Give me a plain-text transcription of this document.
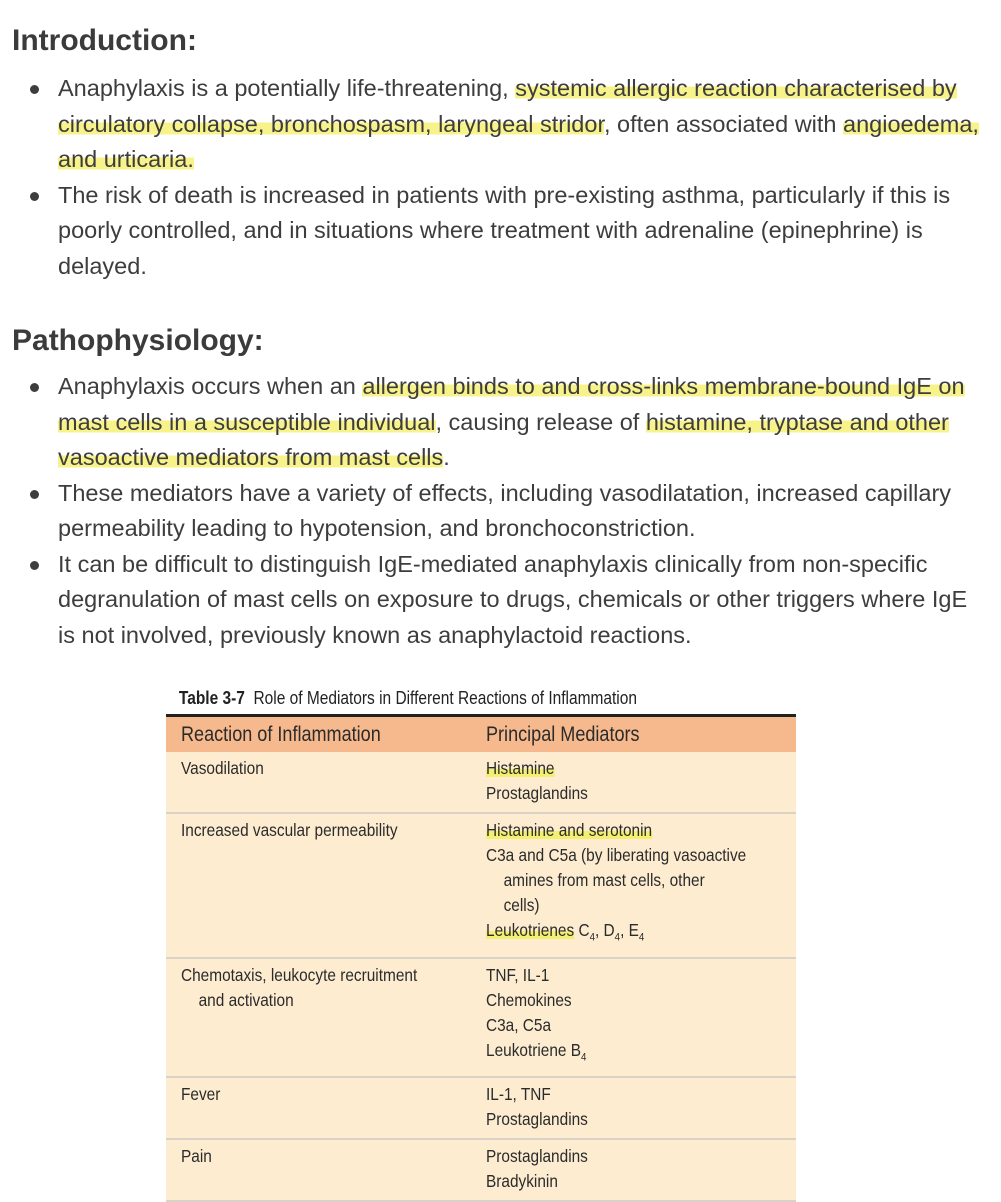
Introduction:
Anaphylaxis is a potentially life-threatening, systemic allergic reaction characterised by circulatory collapse, bronchospasm, laryngeal stridor, often associated with angioedema, and urticaria.
The risk of death is increased in patients with pre-existing asthma, particularly if this is poorly controlled, and in situations where treatment with adrenaline (epinephrine) is delayed.
Pathophysiology:
Anaphylaxis occurs when an allergen binds to and cross-links membrane-bound IgE on mast cells in a susceptible individual, causing release of histamine, tryptase and other vasoactive mediators from mast cells.
These mediators have a variety of effects, including vasodilatation, increased capillary permeability leading to hypotension, and bronchoconstriction.
It can be difficult to distinguish IgE-mediated anaphylaxis clinically from non-specific degranulation of mast cells on exposure to drugs, chemicals or other triggers where IgE is not involved, previously known as anaphylactoid reactions.
Table 3-7 Role of Mediators in Different Reactions of Inflammation
Reaction of Inflammation	Principal Mediators

Vasodilation	Histamine
Prostaglandins

Increased vascular permeability	Histamine and serotonin
C3a and C5a (by liberating vasoactive
amines from mast cells, other
cells)
Leukotrienes $C_4$, $D_4$, $E_4$

Chemotaxis, leukocyte recruitment
and activation	TNF, IL-1
Chemokines
C3a, C5a
Leukotriene $B_4$

Fever	IL-1, TNF
Prostaglandins

Pain	Prostaglandins
Bradykinin
